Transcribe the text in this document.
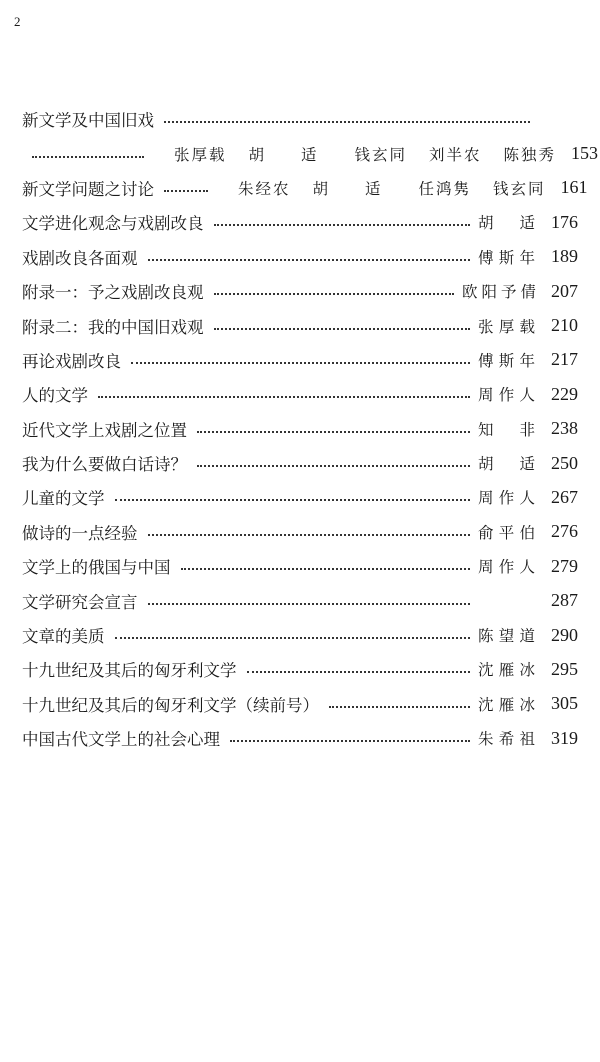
2
新文学及中国旧戏
张厚载 胡 适 钱玄同 刘半农 陈独秀 153
新文学问题之讨论	朱经农 胡 适 任鸿隽 钱玄同 161
文学进化观念与戏剧改良	胡适 176
戏剧改良各面观	傅斯年 189
附录一：予之戏剧改良观	欧阳予倩 207
附录二：我的中国旧戏观	张厚载 210
再论戏剧改良	傅斯年 217
人的文学	周作人 229
近代文学上戏剧之位置	知非 238
我为什么要做白话诗？	胡适 250
儿童的文学	周作人 267
做诗的一点经验	俞平伯 276
文学上的俄国与中国	周作人 279
文学研究会宣言	287
文章的美质	陈望道 290
十九世纪及其后的匈牙利文学	沈雁冰 295
十九世纪及其后的匈牙利文学（续前号）	沈雁冰 305
中国古代文学上的社会心理	朱希祖 319
